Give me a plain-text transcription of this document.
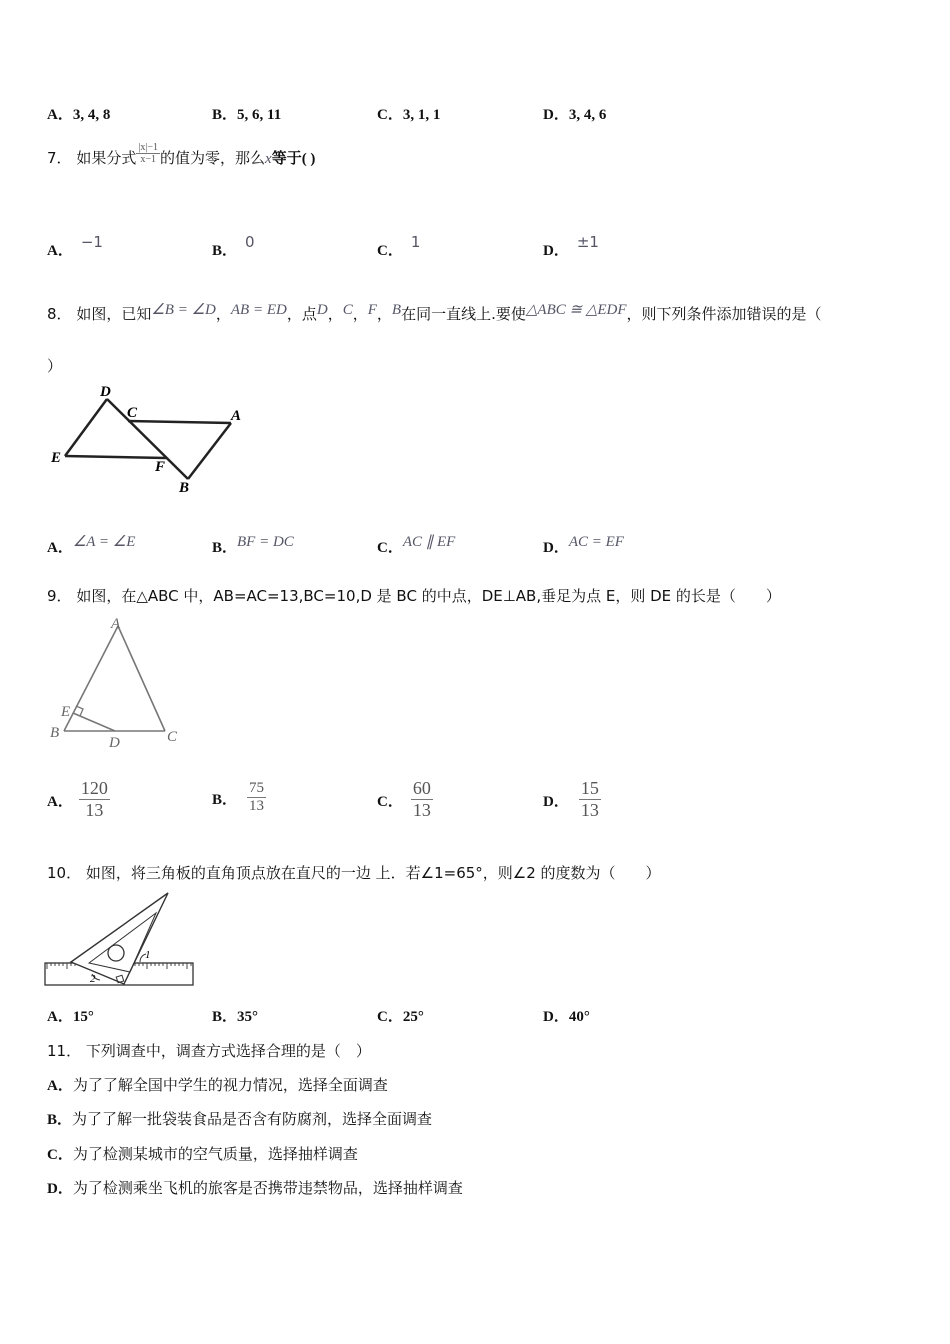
A．3, 4, 8	B．5, 6, 11	C．3, 1, 1	D．3, 4, 6
7． 如果分式 $\frac{|x|-1}{x-1}$ 的值为零，那么x等于( )
A． −1	B． 0	C． 1	D． ±1
8． 如图，已知∠B = ∠D，AB = ED，点D，C，F，B在同一直线上.要使△ABC ≅ △EDF，则下列条件添加错误的是（
）
D
C	A
E
F
B
A．∠A = ∠E	B．BF = DC	C．AC ∥ EF	D．AC = EF
9． 如图，在△ABC 中，AB=AC=13,BC=10,D 是 BC 的中点，DE⊥AB,垂足为点 E，则 DE 的长是（　　）
A
E
B
D	C
A． $\frac{120}{13}$	B． $\frac{75}{13}$	C． $\frac{60}{13}$	D． $\frac{15}{13}$
10． 如图，将三角板的直角顶点放在直尺的一边 上．若∠1=65°，则∠2 的度数为（　　）
1
2
A．15°	B．35°	C．25°	D．40°
11． 下列调查中，调查方式选择合理的是（　）
A．为了了解全国中学生的视力情况，选择全面调查
B．为了了解一批袋装食品是否含有防腐剂，选择全面调查
C．为了检测某城市的空气质量，选择抽样调查
D．为了检测乘坐飞机的旅客是否携带违禁物品，选择抽样调查
